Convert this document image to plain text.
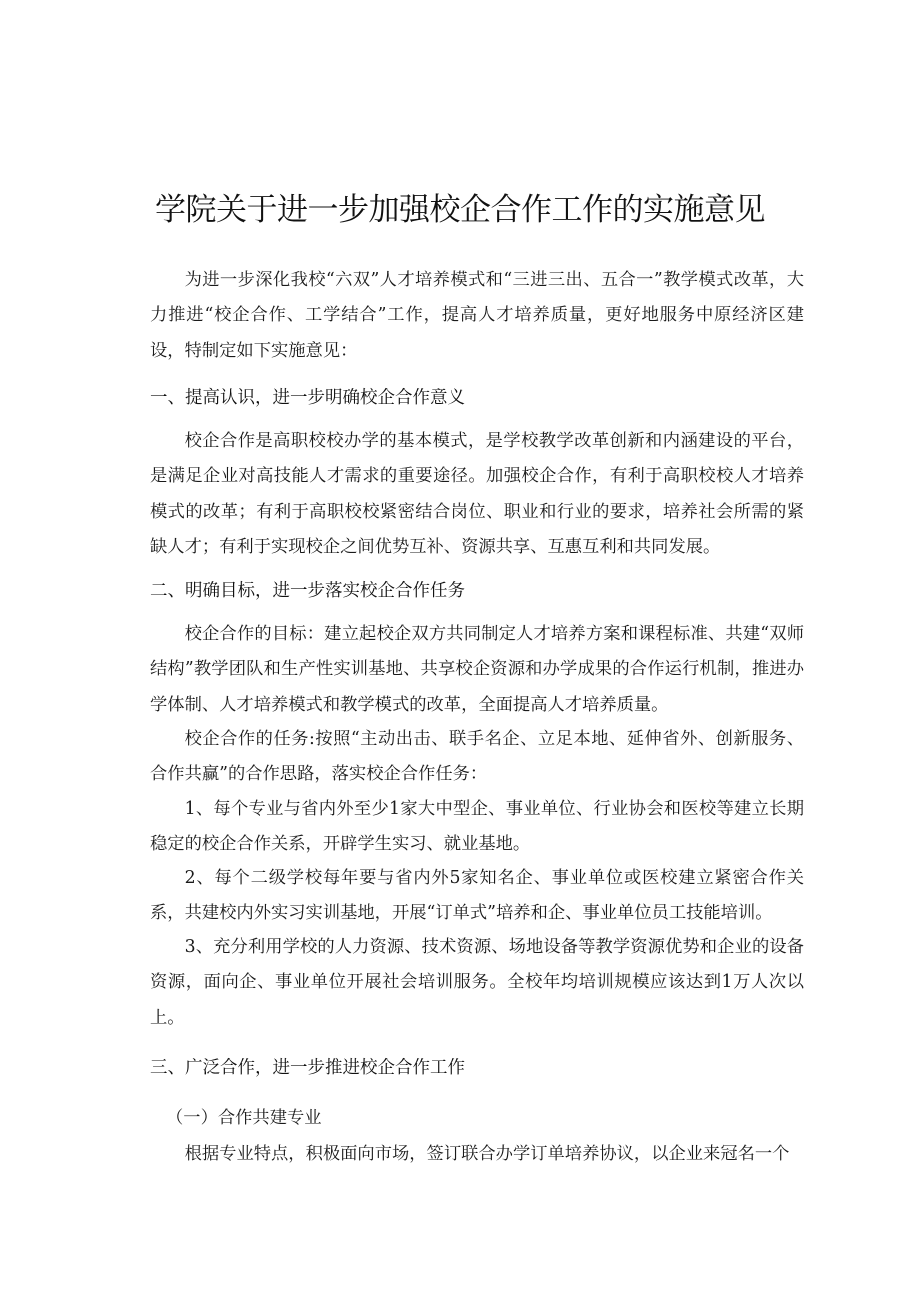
学院关于进一步加强校企合作工作的实施意见

为进一步深化我校“六双”人才培养模式和“三进三出、五合一”教学模式改革，大力推进“校企合作、工学结合”工作，提高人才培养质量，更好地服务中原经济区建设，特制定如下实施意见：

一、提高认识，进一步明确校企合作意义

校企合作是高职校校办学的基本模式，是学校教学改革创新和内涵建设的平台，是满足企业对高技能人才需求的重要途径。加强校企合作，有利于高职校校人才培养模式的改革；有利于高职校校紧密结合岗位、职业和行业的要求，培养社会所需的紧缺人才；有利于实现校企之间优势互补、资源共享、互惠互利和共同发展。

二、明确目标，进一步落实校企合作任务

校企合作的目标：建立起校企双方共同制定人才培养方案和课程标准、共建“双师结构”教学团队和生产性实训基地、共享校企资源和办学成果的合作运行机制，推进办学体制、人才培养模式和教学模式的改革，全面提高人才培养质量。

校企合作的任务:按照“主动出击、联手名企、立足本地、延伸省外、创新服务、合作共赢”的合作思路，落实校企合作任务：

1、每个专业与省内外至少1家大中型企、事业单位、行业协会和医校等建立长期稳定的校企合作关系，开辟学生实习、就业基地。

2、每个二级学校每年要与省内外5家知名企、事业单位或医校建立紧密合作关系，共建校内外实习实训基地，开展“订单式”培养和企、事业单位员工技能培训。

3、充分利用学校的人力资源、技术资源、场地设备等教学资源优势和企业的设备资源，面向企、事业单位开展社会培训服务。全校年均培训规模应该达到1万人次以上。

三、广泛合作，进一步推进校企合作工作

（一）合作共建专业

根据专业特点，积极面向市场，签订联合办学订单培养协议，以企业来冠名一个
